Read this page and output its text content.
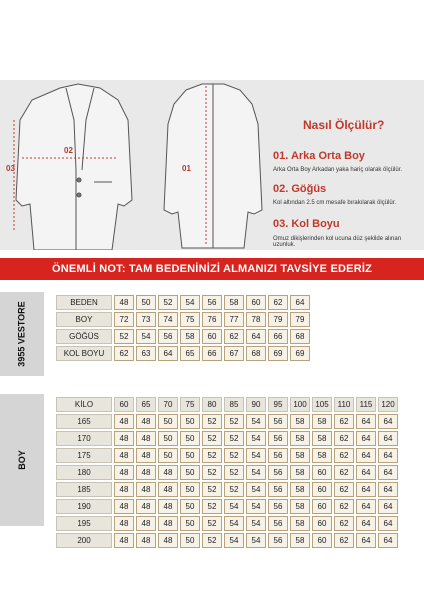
02
03	01
Nasıl Ölçülür?
01. Arka Orta Boy
Arka Orta Boy Arkadan yaka hariç olarak ölçülür.
02. Göğüs
Kol altından 2.5 cm mesafe bırakılarak ölçülür.
03. Kol Boyu
Omuz dikişlerinden kol ucuna düz şekilde alınan uzunluk.
ÖNEMLİ NOT: TAM BEDENİNİZİ ALMANIZI TAVSİYE EDERİZ
3955 VESTORE	BEDEN	48	50	52	54	56	58	60	62	64
BOY	72	73	74	75	76	77	78	79	79
GÖĞÜS	52	54	56	58	60	62	64	66	68
KOL BOYU	62	63	64	65	66	67	68	69	69
BOY
KİLO	60	65	70	75	80	85	90	95	100	105	110	115	120
165	48	48	50	50	52	52	54	56	58	58	62	64	64
170	48	48	50	50	52	52	54	56	58	58	62	64	64
175	48	48	50	50	52	52	54	56	58	58	62	64	64
180	48	48	48	50	52	52	54	56	58	60	62	64	64
185	48	48	48	50	52	52	54	56	58	60	62	64	64
190	48	48	48	50	52	54	54	56	58	60	62	64	64
195	48	48	48	50	52	54	54	56	58	60	62	64	64
200	48	48	48	50	52	54	54	56	58	60	62	64	64
